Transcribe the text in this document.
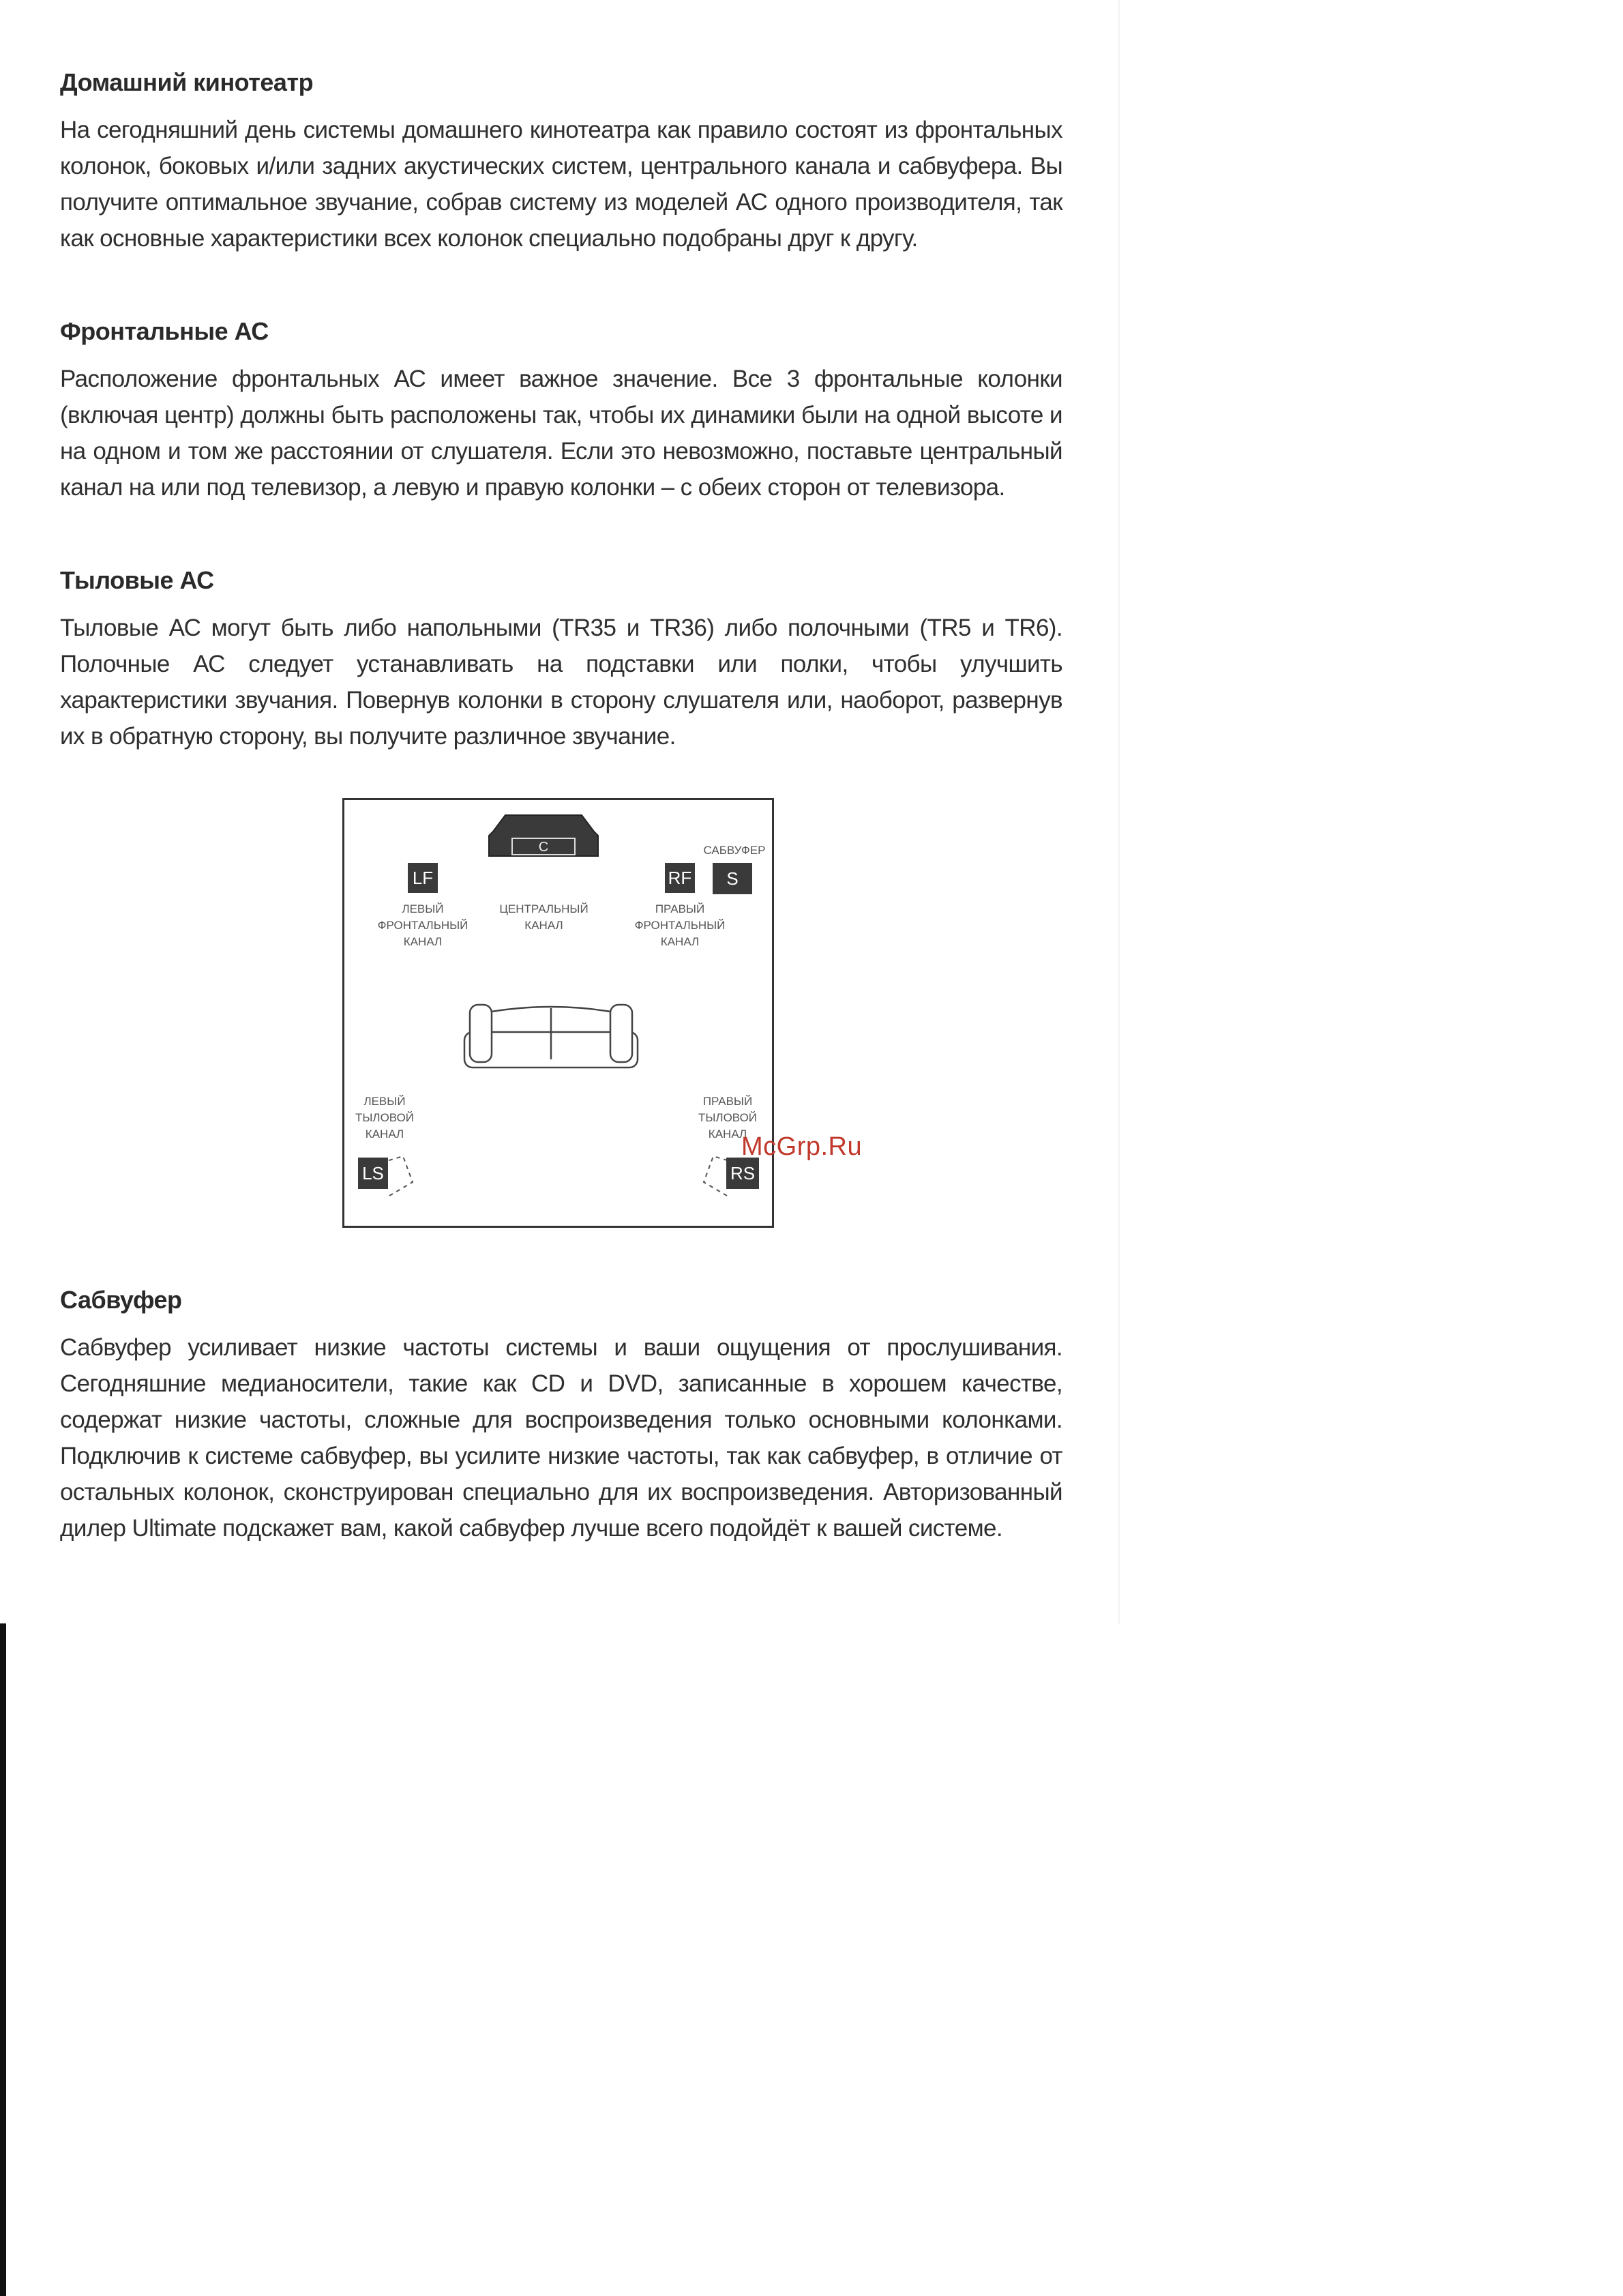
Домашний кинотеатр

На сегодняшний день системы домашнего кинотеатра как правило состоят из фронтальных колонок, боковых и/или задних акустических систем, центрального канала и сабвуфера. Вы получите оптимальное звучание, собрав систему из моделей АС одного производителя, так как основные характеристики всех колонок специально подобраны друг к другу.

Фронтальные АС

Расположение фронтальных АС имеет важное значение. Все 3 фронтальные колонки (включая центр) должны быть расположены так, чтобы их динамики были на одной высоте и на одном и том же расстоянии от слушателя. Если это невозможно, поставьте центральный канал на или под телевизор, а левую и правую колонки – с обеих сторон от телевизора.

Тыловые АС

Тыловые АС могут быть либо напольными (TR35 и TR36) либо полочными (TR5 и TR6). Полочные АС следует устанавливать на подставки или полки, чтобы улучшить характеристики звучания. Повернув колонки в сторону слушателя или, наоборот, развернув их в обратную сторону, вы получите различное звучание.

LF
C
RF	S
LS	RS
ЛЕВЫЙ
ФРОНТАЛЬНЫЙ
КАНАЛ
ЦЕНТРАЛЬНЫЙ
КАНАЛ
ПРАВЫЙ
ФРОНТАЛЬНЫЙ
КАНАЛ
САБВУФЕР
ЛЕВЫЙ
ТЫЛОВОЙ
КАНАЛ
ПРАВЫЙ
ТЫЛОВОЙ
КАНАЛ
McGrp.Ru
Сабвуфер

Сабвуфер усиливает низкие частоты системы и ваши ощущения от прослушивания. Сегодняшние медианосители, такие как CD и DVD, записанные в хорошем качестве, содержат низкие частоты, сложные для воспроизведения только основными колонками. Подключив к системе сабвуфер, вы усилите низкие частоты, так как сабвуфер, в отличие от остальных колонок, сконструирован специально для их воспроизведения. Авторизованный дилер Ultimate подскажет вам, какой сабвуфер лучше всего подойдёт к вашей системе.
